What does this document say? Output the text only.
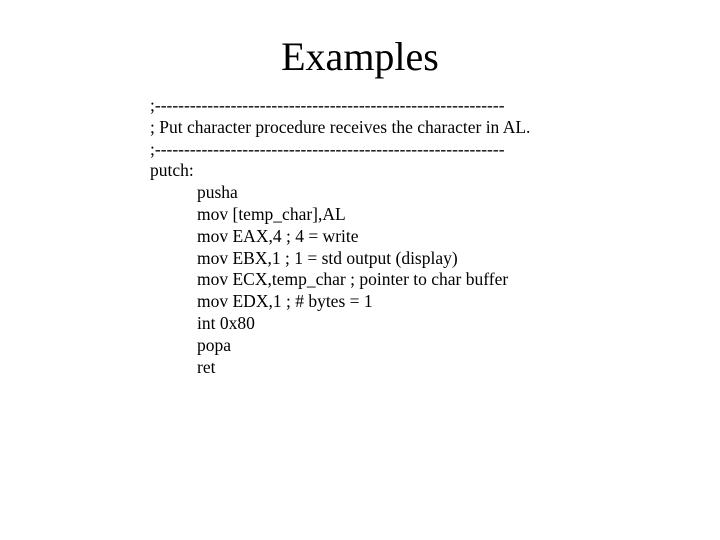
Examples
;------------------------------------------------------------
; Put character procedure receives the character in AL.
;------------------------------------------------------------
putch:
pusha
mov [temp_char],AL
mov EAX,4 ; 4 = write
mov EBX,1 ; 1 = std output (display)
mov ECX,temp_char ; pointer to char buffer
mov EDX,1 ; # bytes = 1
int 0x80
popa
ret
